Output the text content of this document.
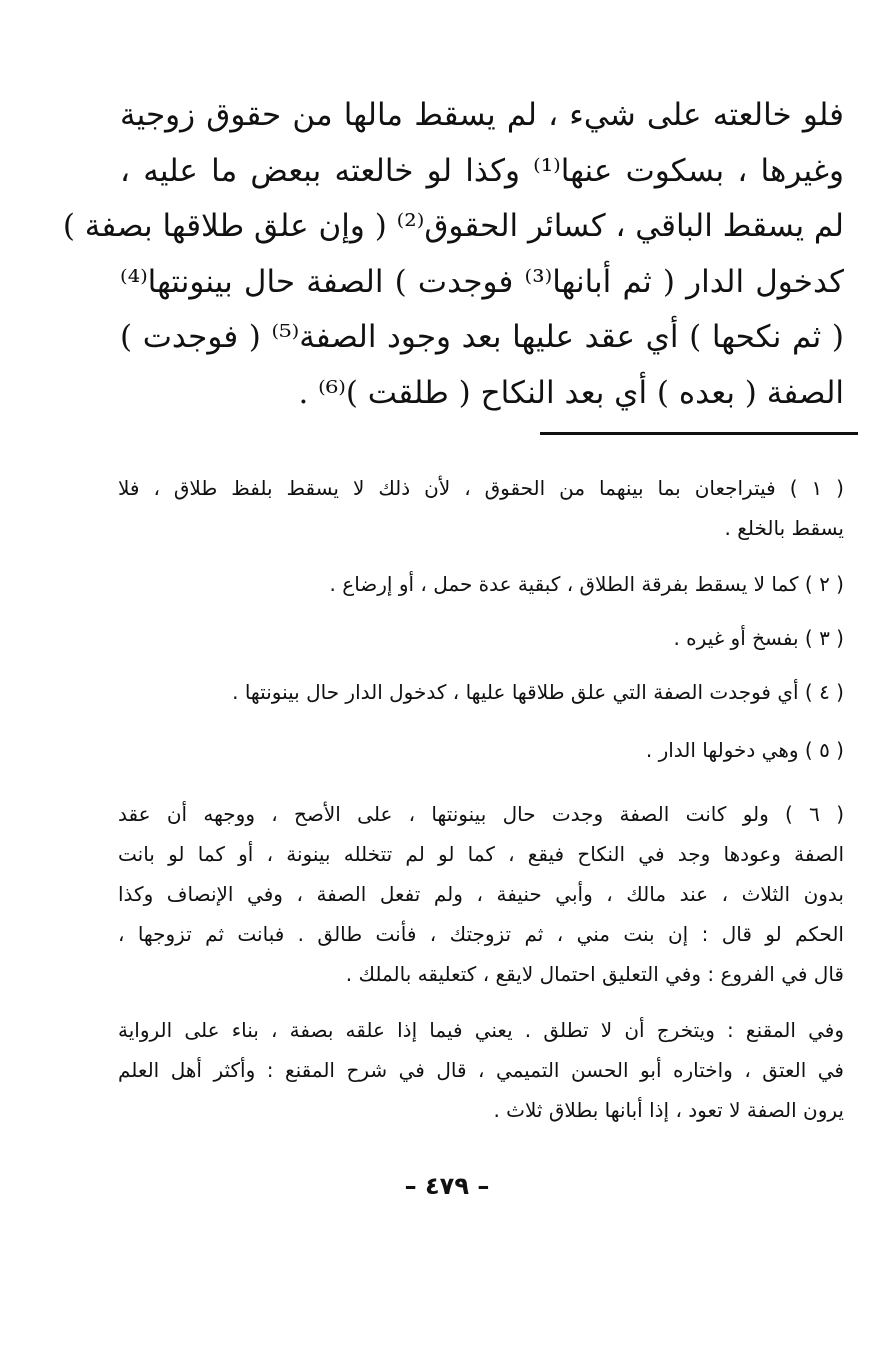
فلو خالعته على شيء ، لم يسقط مالها من حقوق زوجية
وغيرها ، بسكوت عنها⁽¹⁾ وكذا لو خالعته ببعض ما عليه ،
لم يسقط الباقي ، كسائر الحقوق⁽²⁾ ( وإن علق طلاقها بصفة )
كدخول الدار ( ثم أبانها⁽³⁾ فوجدت ) الصفة حال بينونتها⁽⁴⁾
( ثم نكحها ) أي عقد عليها بعد وجود الصفة⁽⁵⁾ ( فوجدت )
الصفة ( بعده ) أي بعد النكاح ( طلقت )⁽⁶⁾ .
( ١ ) فيتراجعان بما بينهما من الحقوق ، لأن ذلك لا يسقط بلفظ طلاق ، فلا
يسقط بالخلع .
( ٢ ) كما لا يسقط بفرقة الطلاق ، كبقية عدة حمل ، أو إرضاع .
( ٣ ) بفسخ أو غيره .
( ٤ ) أي فوجدت الصفة التي علق طلاقها عليها ، كدخول الدار حال بينونتها .
( ٥ ) وهي دخولها الدار .
( ٦ ) ولو كانت الصفة وجدت حال بينونتها ، على الأصح ، ووجهه أن عقد
الصفة وعودها وجد في النكاح فيقع ، كما لو لم تتخلله بينونة ، أو كما لو بانت
بدون الثلاث ، عند مالك ، وأبي حنيفة ، ولم تفعل الصفة ، وفي الإنصاف وكذا
الحكم لو قال : إن بنت مني ، ثم تزوجتك ، فأنت طالق . فبانت ثم تزوجها ،
قال في الفروع : وفي التعليق احتمال لايقع ، كتعليقه بالملك .
وفي المقنع : ويتخرج أن لا تطلق . يعني فيما إذا علقه بصفة ، بناء على الرواية
في العتق ، واختاره أبو الحسن التميمي ، قال في شرح المقنع : وأكثر أهل العلم
يرون الصفة لا تعود ، إذا أبانها بطلاق ثلاث .
– ٤٧٩ –
